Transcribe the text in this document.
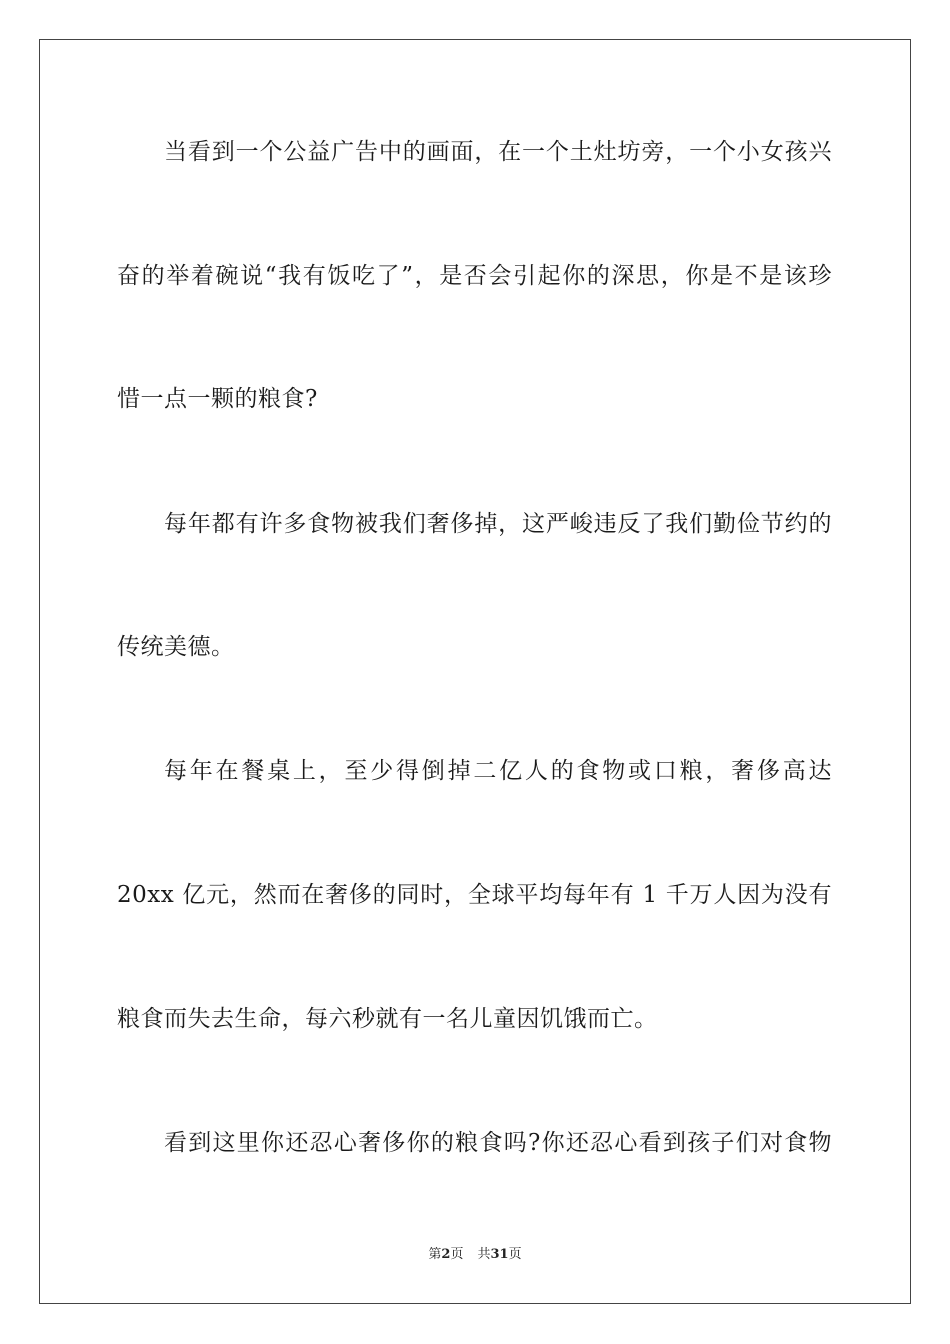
当看到一个公益广告中的画面，在一个土灶坊旁，一个小女孩兴
奋的举着碗说“我有饭吃了”，是否会引起你的深思，你是不是该珍
惜一点一颗的粮食?
每年都有许多食物被我们奢侈掉，这严峻违反了我们勤俭节约的
传统美德。
每年在餐桌上，至少得倒掉二亿人的食物或口粮，奢侈高达
20xx 亿元，然而在奢侈的同时，全球平均每年有 1 千万人因为没有
粮食而失去生命，每六秒就有一名儿童因饥饿而亡。
看到这里你还忍心奢侈你的粮食吗?你还忍心看到孩子们对食物
第2页 共31页
